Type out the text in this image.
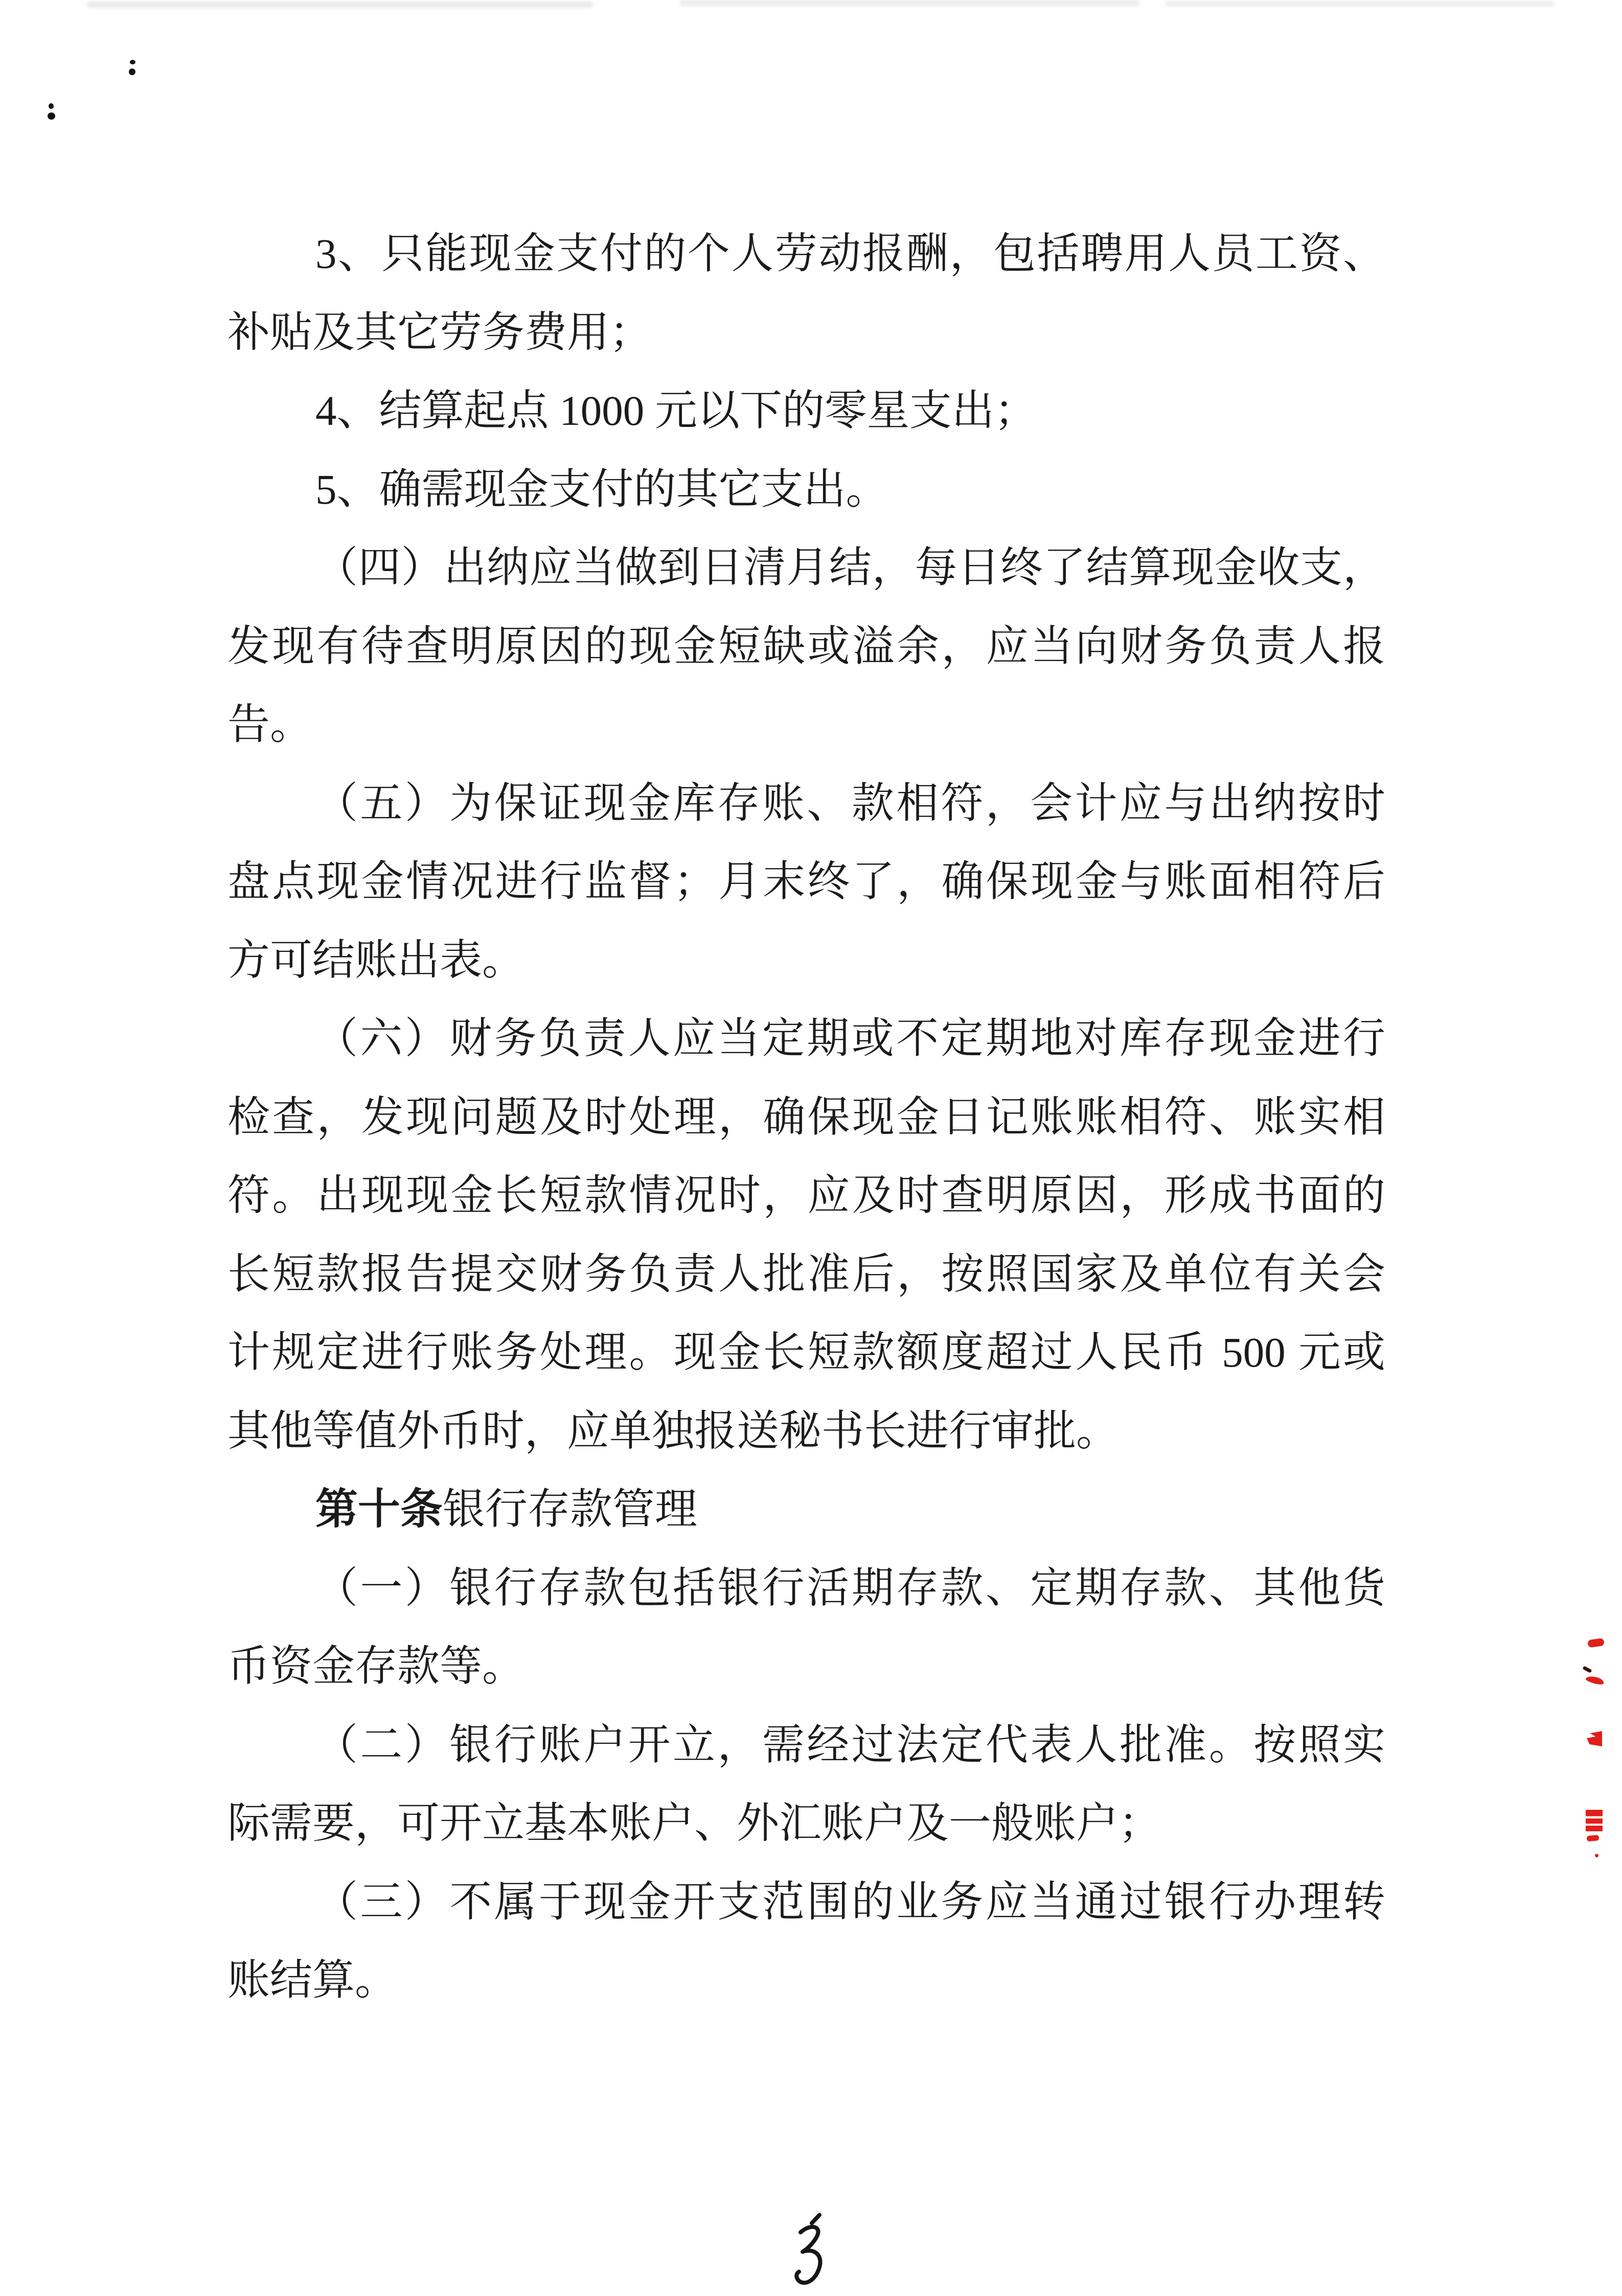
3、只能现金支付的个人劳动报酬，包括聘用人员工资、
补贴及其它劳务费用；
4、结算起点 1000 元以下的零星支出；
5、确需现金支付的其它支出。
（四）出纳应当做到日清月结，每日终了结算现金收支，
发现有待查明原因的现金短缺或溢余，应当向财务负责人报
告。
（五）为保证现金库存账、款相符，会计应与出纳按时
盘点现金情况进行监督；月末终了，确保现金与账面相符后
方可结账出表。
（六）财务负责人应当定期或不定期地对库存现金进行
检查，发现问题及时处理，确保现金日记账账相符、账实相
符。出现现金长短款情况时，应及时查明原因，形成书面的
长短款报告提交财务负责人批准后，按照国家及单位有关会
计规定进行账务处理。现金长短款额度超过人民币 500 元或
其他等值外币时，应单独报送秘书长进行审批。
第十条银行存款管理
（一）银行存款包括银行活期存款、定期存款、其他货
币资金存款等。
（二）银行账户开立，需经过法定代表人批准。按照实
际需要，可开立基本账户、外汇账户及一般账户；
（三）不属于现金开支范围的业务应当通过银行办理转
账结算。
